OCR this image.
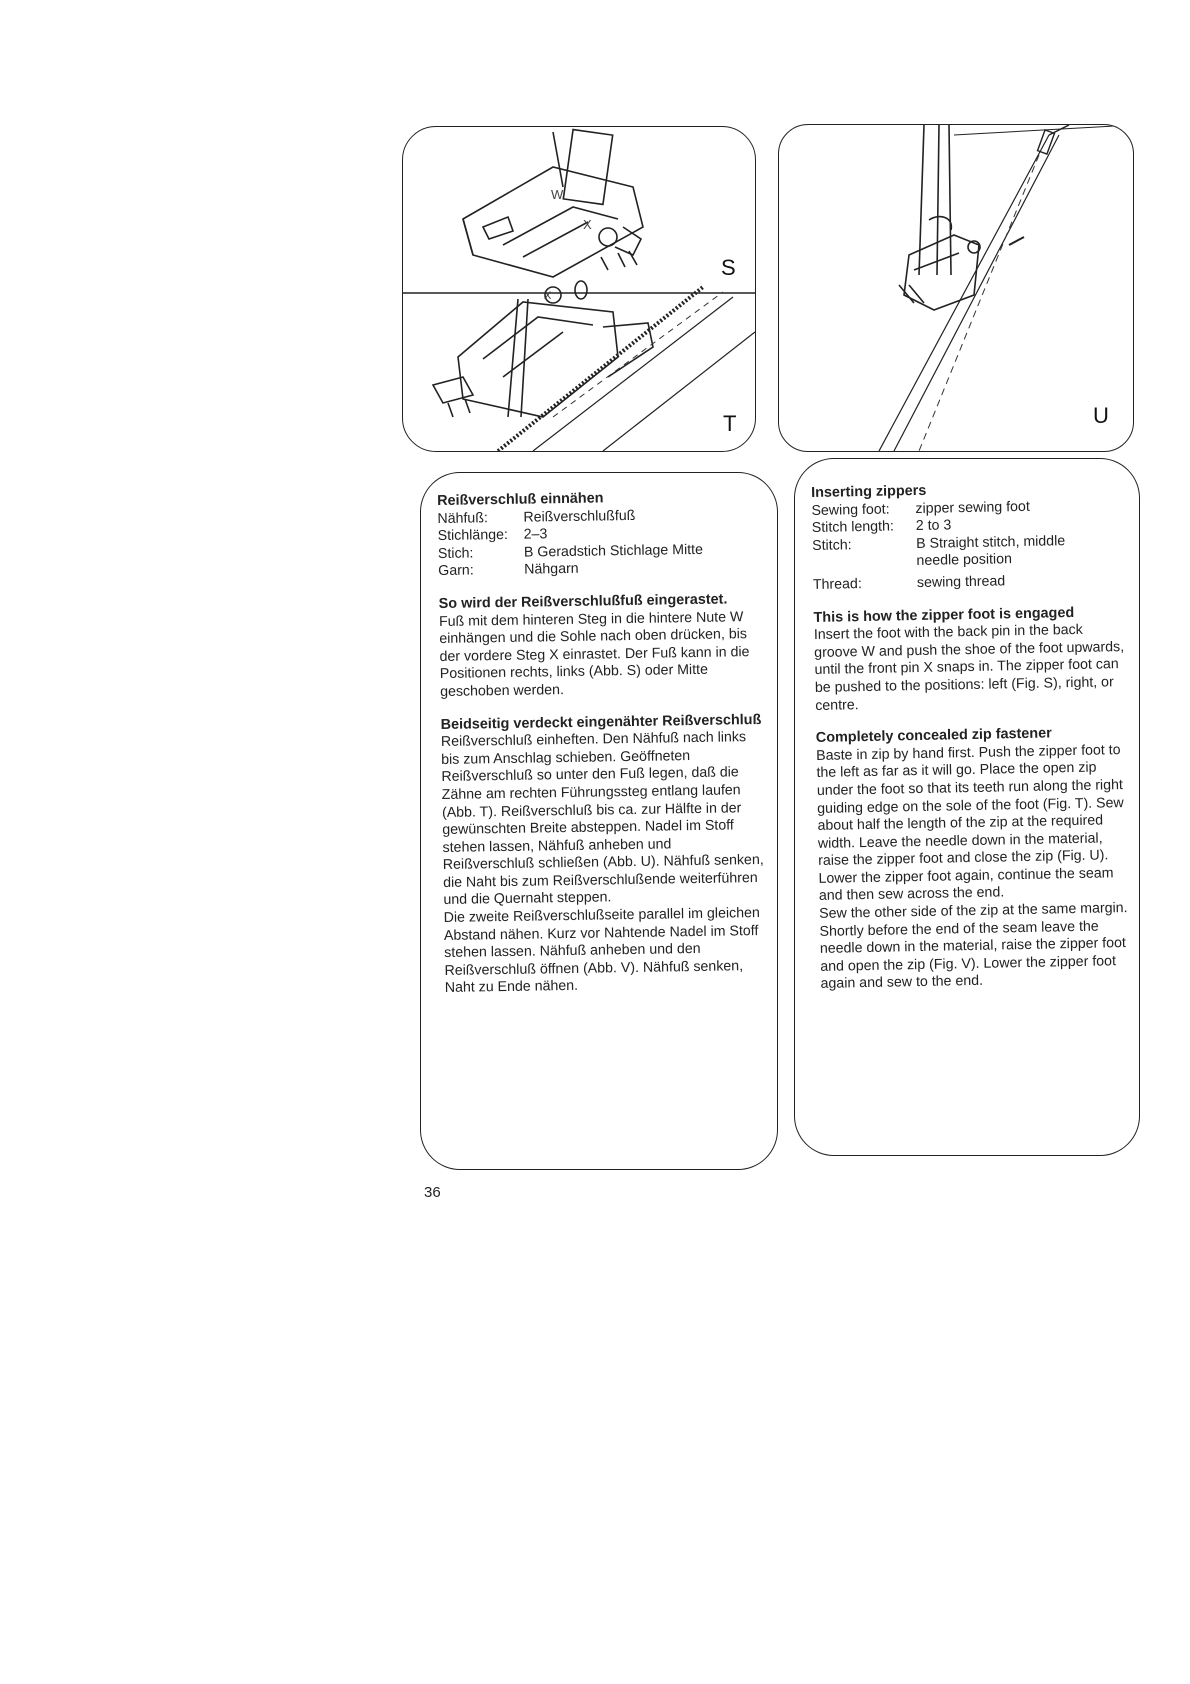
W
X
X
S
T	U

Reißverschluß einnähen

Nähfuß:	Reißverschlußfuß
Stichlänge:	2–3
Stich:	B Geradstich Stichlage Mitte
Garn:	Nähgarn

So wird der Reißverschlußfuß eingerastet.

Fuß mit dem hinteren Steg in die hintere Nute W einhängen und die Sohle nach oben drücken, bis der vordere Steg X einrastet. Der Fuß kann in die Positionen rechts, links (Abb. S) oder Mitte geschoben werden.

Beidseitig verdeckt eingenähter Reißverschluß

Reißverschluß einheften. Den Nähfuß nach links bis zum Anschlag schieben. Geöffneten Reißverschluß so unter den Fuß legen, daß die Zähne am rechten Führungssteg entlang laufen (Abb. T). Reißverschluß bis ca. zur Hälfte in der gewünschten Breite absteppen. Nadel im Stoff stehen lassen, Nähfuß anheben und Reißverschluß schließen (Abb. U). Nähfuß senken, die Naht bis zum Reißverschlußende weiterführen und die Quernaht steppen.

Die zweite Reißverschlußseite parallel im gleichen Abstand nähen. Kurz vor Nahtende Nadel im Stoff stehen lassen. Nähfuß anheben und den Reißverschluß öffnen (Abb. V). Nähfuß senken, Naht zu Ende nähen.

Inserting zippers

Sewing foot:	zipper sewing foot
Stitch length:	2 to 3
Stitch:	B Straight stitch, middle needle position
Thread:	sewing thread

This is how the zipper foot is engaged

Insert the foot with the back pin in the back groove W and push the shoe of the foot upwards, until the front pin X snaps in. The zipper foot can be pushed to the positions: left (Fig. S), right, or centre.

Completely concealed zip fastener

Baste in zip by hand first. Push the zipper foot to the left as far as it will go. Place the open zip under the foot so that its teeth run along the right guiding edge on the sole of the foot (Fig. T). Sew about half the length of the zip at the required width. Leave the needle down in the material, raise the zipper foot and close the zip (Fig. U). Lower the zipper foot again, continue the seam and then sew across the end.

Sew the other side of the zip at the same margin. Shortly before the end of the seam leave the needle down in the material, raise the zipper foot and open the zip (Fig. V). Lower the zipper foot again and sew to the end.

36
